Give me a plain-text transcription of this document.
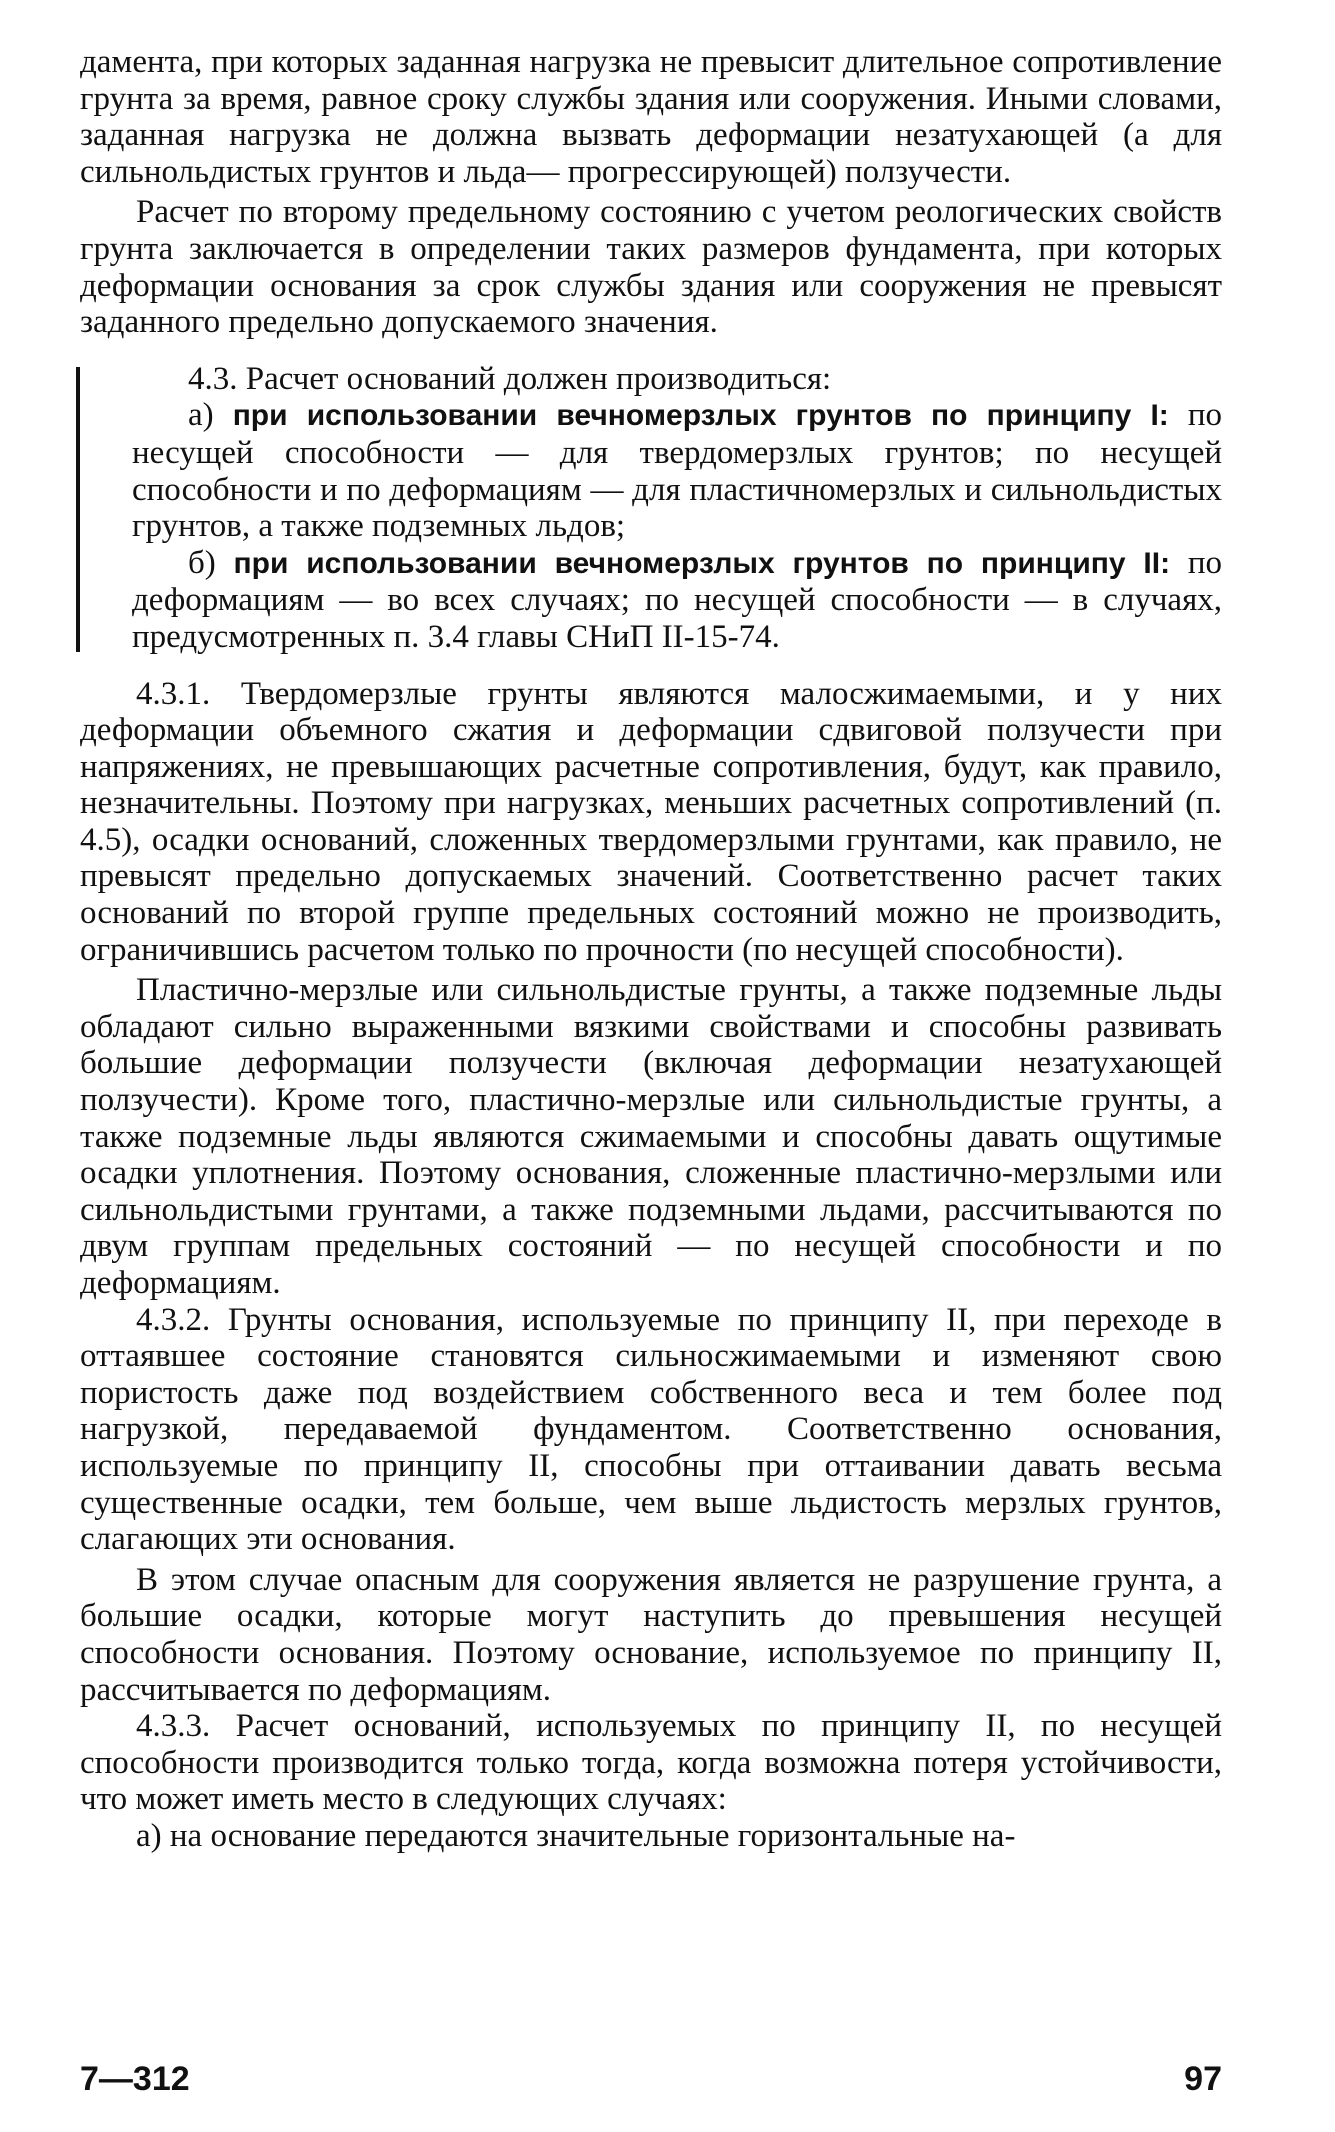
дамента, при которых заданная нагрузка не превысит длительное сопротивление грунта за время, равное сроку службы здания или сооружения. Иными словами, заданная нагрузка не должна вызвать деформации незатухающей (а для сильнольдистых грунтов и льда— прогрессирующей) ползучести.

Расчет по второму предельному состоянию с учетом реологических свойств грунта заключается в определении таких размеров фундамента, при которых деформации основания за срок службы здания или сооружения не превысят заданного предельно допускаемого значения.

4.3. Расчет оснований должен производиться:

а) при использовании вечномерзлых грунтов по принципу I: по несущей способности — для твердомерзлых грунтов; по несущей способности и по деформациям — для пластичномерзлых и сильнольдистых грунтов, а также подземных льдов;

б) при использовании вечномерзлых грунтов по принципу II: по деформациям — во всех случаях; по несущей способности — в случаях, предусмотренных п. 3.4 главы СНиП II-15-74.

4.3.1. Твердомерзлые грунты являются малосжимаемыми, и у них деформации объемного сжатия и деформации сдвиговой ползучести при напряжениях, не превышающих расчетные сопротивления, будут, как правило, незначительны. Поэтому при нагрузках, меньших расчетных сопротивлений (п. 4.5), осадки оснований, сложенных твердомерзлыми грунтами, как правило, не превысят предельно допускаемых значений. Соответственно расчет таких оснований по второй группе предельных состояний можно не производить, ограничившись расчетом только по прочности (по несущей способности).

Пластично-мерзлые или сильнольдистые грунты, а также подземные льды обладают сильно выраженными вязкими свойствами и способны развивать большие деформации ползучести (включая деформации незатухающей ползучести). Кроме того, пластично-мерзлые или сильнольдистые грунты, а также подземные льды являются сжимаемыми и способны давать ощутимые осадки уплотнения. Поэтому основания, сложенные пластично-мерзлыми или сильнольдистыми грунтами, а также подземными льдами, рассчитываются по двум группам предельных состояний — по несущей способности и по деформациям.

4.3.2. Грунты основания, используемые по принципу II, при переходе в оттаявшее состояние становятся сильносжимаемыми и изменяют свою пористость даже под воздействием собственного веса и тем более под нагрузкой, передаваемой фундаментом. Соответственно основания, используемые по принципу II, способны при оттаивании давать весьма существенные осадки, тем больше, чем выше льдистость мерзлых грунтов, слагающих эти основания.

В этом случае опасным для сооружения является не разрушение грунта, а большие осадки, которые могут наступить до превышения несущей способности основания. Поэтому основание, используемое по принципу II, рассчитывается по деформациям.

4.3.3. Расчет оснований, используемых по принципу II, по несущей способности производится только тогда, когда возможна потеря устойчивости, что может иметь место в следующих случаях:

а) на основание передаются значительные горизонтальные на-

7—312	97
